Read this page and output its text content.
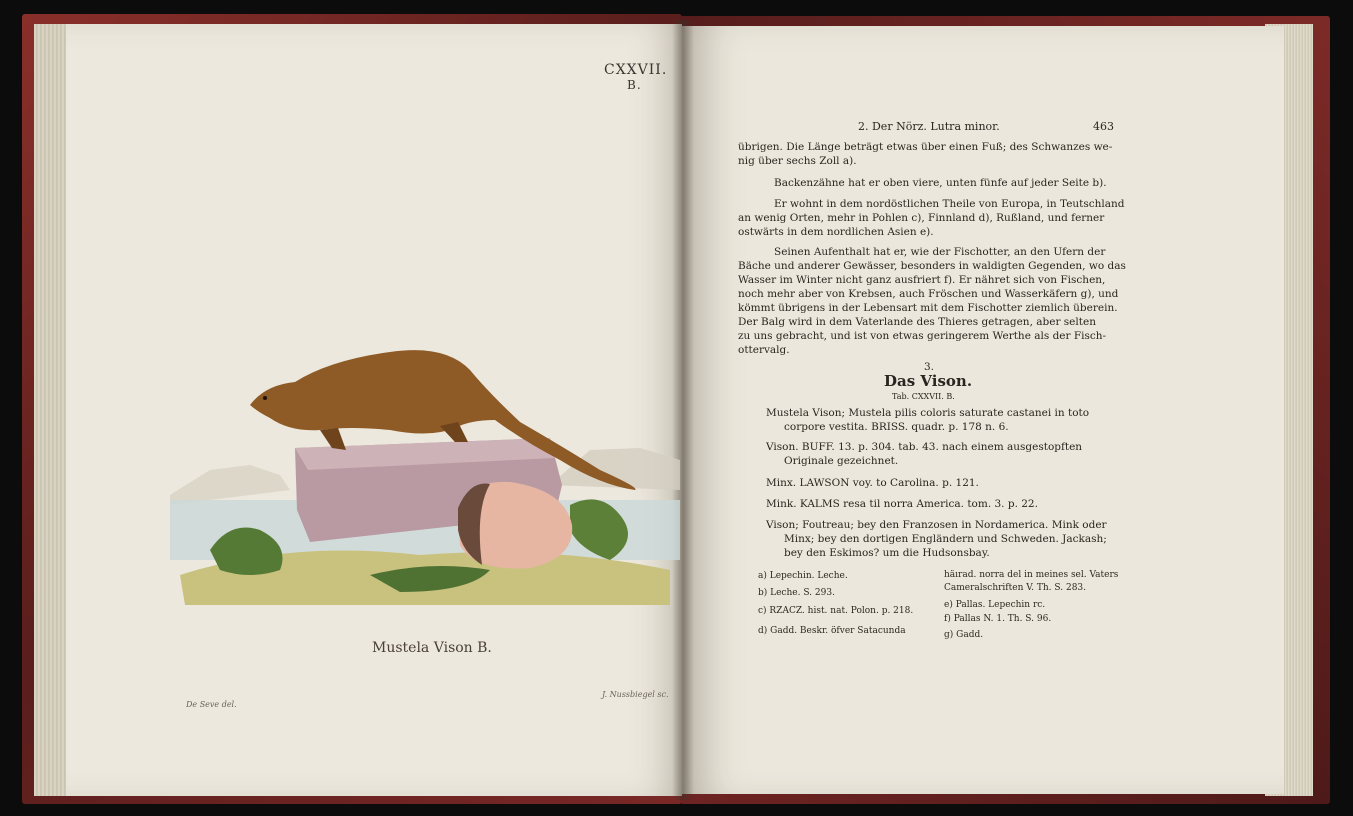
CXXVII.
B.
Mustela Vison B.
De Seve del.
J. Nussbiegel sc.
2. Der Nörz. Lutra minor.	463
übrigen. Die Länge beträgt etwas über einen Fuß; des Schwanzes we-
nig über sechs Zoll a).
Backenzähne hat er oben viere, unten fünfe auf jeder Seite b).
Er wohnt in dem nordöstlichen Theile von Europa, in Teutschland
an wenig Orten, mehr in Pohlen c), Finnland d), Rußland, und ferner
ostwärts in dem nordlichen Asien e).
Seinen Aufenthalt hat er, wie der Fischotter, an den Ufern der
Bäche und anderer Gewässer, besonders in waldigten Gegenden, wo das
Wasser im Winter nicht ganz ausfriert f). Er nähret sich von Fischen,
noch mehr aber von Krebsen, auch Fröschen und Wasserkäfern g), und
kömmt übrigens in der Lebensart mit dem Fischotter ziemlich überein.
Der Balg wird in dem Vaterlande des Thieres getragen, aber selten
zu uns gebracht, und ist von etwas geringerem Werthe als der Fisch-
ottervalg.
3.
Das Vison.
Tab. CXXVII. B.
Mustela Vison; Mustela pilis coloris saturate castanei in toto
corpore vestita. BRISS. quadr. p. 178 n. 6.
Vison. BUFF. 13. p. 304. tab. 43. nach einem ausgestopften
Originale gezeichnet.
Minx. LAWSON voy. to Carolina. p. 121.
Mink. KALMS resa til norra America. tom. 3. p. 22.
Vison; Foutreau; bey den Franzosen in Nordamerica. Mink oder
Minx; bey den dortigen Engländern und Schweden. Jackash;
bey den Eskimos? um die Hudsonsbay.
a) Lepechin. Leche.
b) Leche. S. 293.
c) RZACZ. hist. nat. Polon. p. 218.
d) Gadd. Beskr. öfver Satacunda
häırad. norra del in meines sel. Vaters
Cameralschriften V. Th. S. 283.
e) Pallas. Lepechin rc.
f) Pallas N. 1. Th. S. 96.
g) Gadd.
